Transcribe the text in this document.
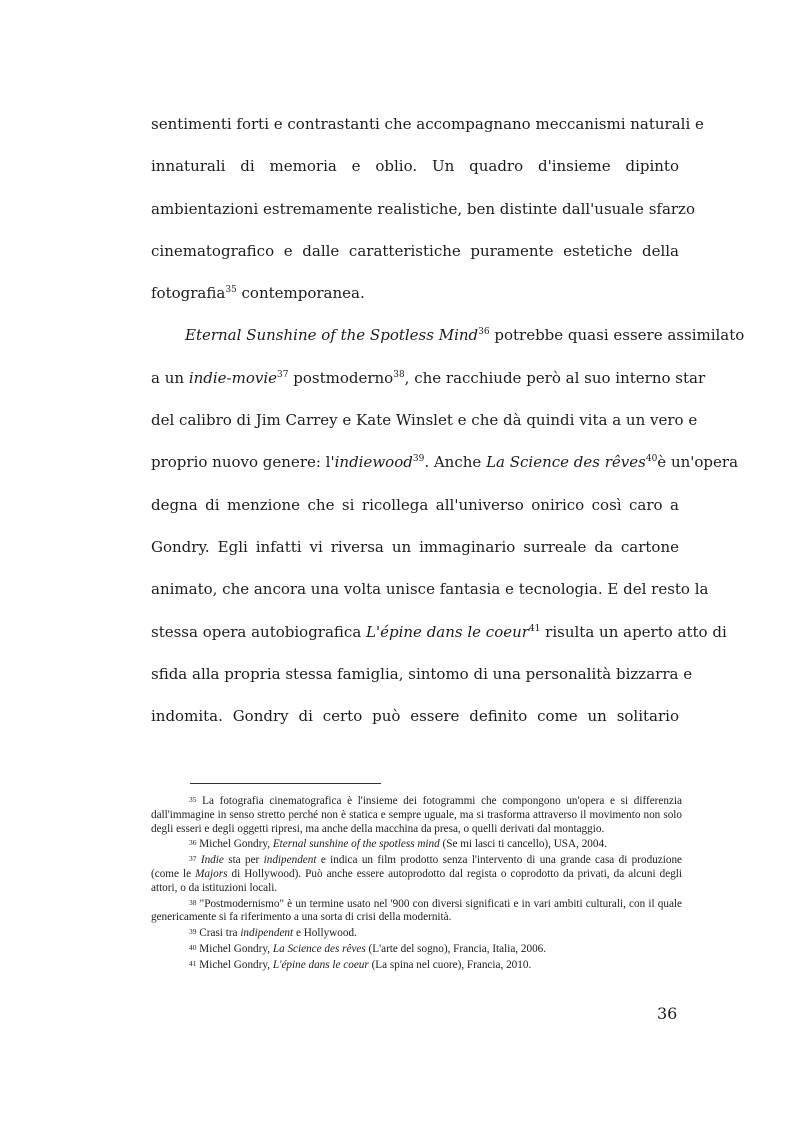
sentimenti forti e contrastanti che accompagnano meccanismi naturali e
innaturali di memoria e oblio. Un quadro d'insieme dipinto
ambientazioni estremamente realistiche, ben distinte dall'usuale sfarzo
cinematografico e dalle caratteristiche puramente estetiche della
fotografia$^{35}$ contemporanea.
Eternal Sunshine of the Spotless Mind$^{36}$ potrebbe quasi essere assimilato
a un indie-movie$^{37}$ postmoderno$^{38}$, che racchiude però al suo interno star
del calibro di Jim Carrey e Kate Winslet e che dà quindi vita a un vero e
proprio nuovo genere: l'indiewood$^{39}$. Anche La Science des rêves$^{40}$è un'opera
degna di menzione che si ricollega all'universo onirico così caro a
Gondry. Egli infatti vi riversa un immaginario surreale da cartone
animato, che ancora una volta unisce fantasia e tecnologia. E del resto la
stessa opera autobiografica L'épine dans le coeur$^{41}$ risulta un aperto atto di
sfida alla propria stessa famiglia, sintomo di una personalità bizzarra e
indomita. Gondry di certo può essere definito come un solitario

35 La fotografia cinematografica è l'insieme dei fotogrammi che compongono un'opera e si differenzia dall'immagine in senso stretto perché non è statica e sempre uguale, ma si trasforma attraverso il movimento non solo degli esseri e degli oggetti ripresi, ma anche della macchina da presa, o quelli derivati dal montaggio.

36 Michel Gondry, Eternal sunshine of the spotless mind (Se mi lasci ti cancello), USA, 2004.

37 Indie sta per indipendent e indica un film prodotto senza l'intervento di una grande casa di produzione (come le Majors di Hollywood). Può anche essere autoprodotto dal regista o coprodotto da privati, da alcuni degli attori, o da istituzioni locali.

38 "Postmodernismo" è un termine usato nel '900 con diversi significati e in vari ambiti culturali, con il quale genericamente si fa riferimento a una sorta di crisi della modernità.

39 Crasi tra indipendent e Hollywood.

40 Michel Gondry, La Science des rêves (L'arte del sogno), Francia, Italia, 2006.

41 Michel Gondry, L'épine dans le coeur (La spina nel cuore), Francia, 2010.

36
